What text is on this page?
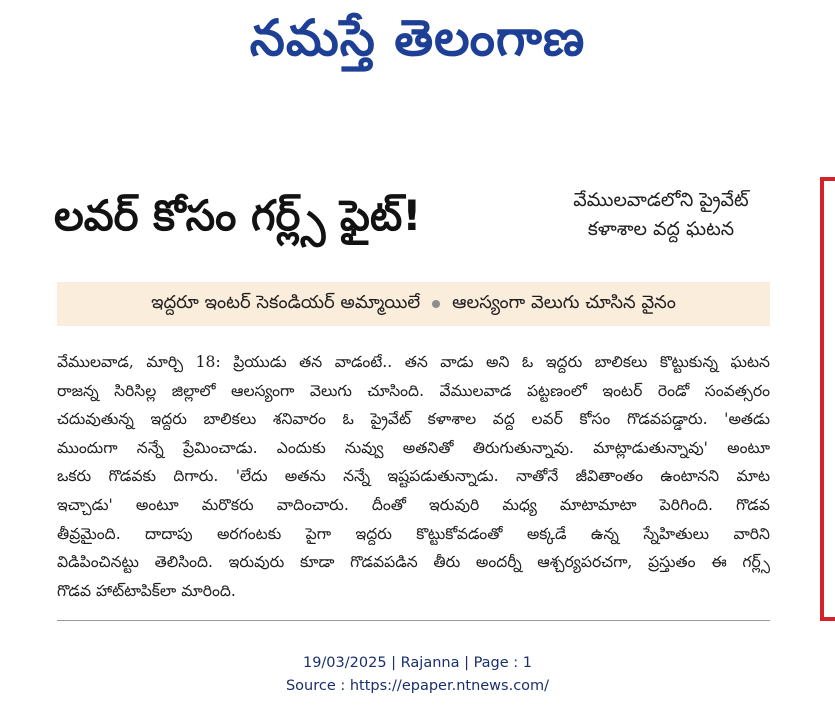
నమస్తే తెలంగాణ
లవర్ కోసం గర్ల్స్ ఫైట్!	వేములవాడలోని ప్రైవేట్
కళాశాల వద్ద ఘటన
ఇద్దరూ ఇంటర్ సెకండియర్ అమ్మాయిలే ఆలస్యంగా వెలుగు చూసిన వైనం
వేములవాడ, మార్చి 18: ప్రియుడు తన వాడంటే.. తన వాడు అని ఓ ఇద్దరు బాలికలు కొట్టుకున్న ఘటన
రాజన్న సిరిసిల్ల జిల్లాలో ఆలస్యంగా వెలుగు చూసింది. వేములవాడ పట్టణంలో ఇంటర్ రెండో సంవత్సరం
చదువుతున్న ఇద్దరు బాలికలు శనివారం ఓ ప్రైవేట్ కళాశాల వద్ద లవర్ కోసం గొడవపడ్డారు. 'అతడు
ముందుగా నన్నే ప్రేమించాడు. ఎందుకు నువ్వు అతనితో తిరుగుతున్నావు. మాట్లాడుతున్నావు' అంటూ
ఒకరు గొడవకు దిగారు. 'లేదు అతను నన్నే ఇష్టపడుతున్నాడు. నాతోనే జీవితాంతం ఉంటానని మాట
ఇచ్చాడు' అంటూ మరొకరు వాదించారు. దీంతో ఇరువురి మధ్య మాటామాటా పెరిగింది. గొడవ
తీవ్రమైంది. దాదాపు అరగంటకు పైగా ఇద్దరు కొట్టుకోవడంతో అక్కడే ఉన్న స్నేహితులు వారిని
విడిపించినట్టు తెలిసింది. ఇరువురు కూడా గొడవపడిన తీరు అందర్నీ ఆశ్చర్యపరచగా, ప్రస్తుతం ఈ గర్ల్స్
గొడవ హాట్‌టాపిక్‌లా మారింది.
19/03/2025 | Rajanna | Page : 1
Source : https://epaper.ntnews.com/
